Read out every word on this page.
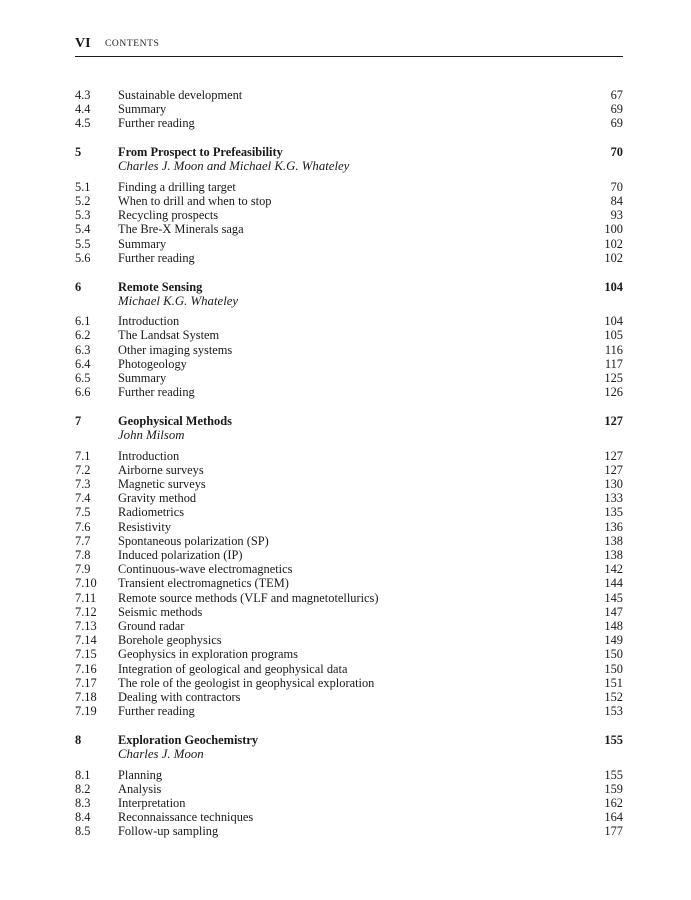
VI CONTENTS
4.3 Sustainable development	67
4.4 Summary	69
4.5 Further reading	69
5	From Prospect to Prefeasibility	70
Charles J. Moon and Michael K.G. Whateley
5.1 Finding a drilling target	70
5.2 When to drill and when to stop	84
5.3 Recycling prospects	93
5.4 The Bre-X Minerals saga	100
5.5 Summary	102
5.6 Further reading	102
6	Remote Sensing	104
Michael K.G. Whateley
6.1 Introduction	104
6.2 The Landsat System	105
6.3 Other imaging systems	116
6.4 Photogeology	117
6.5 Summary	125
6.6 Further reading	126
7	Geophysical Methods	127
John Milsom
7.1 Introduction	127
7.2 Airborne surveys	127
7.3 Magnetic surveys	130
7.4 Gravity method	133
7.5 Radiometrics	135
7.6 Resistivity	136
7.7 Spontaneous polarization (SP)	138
7.8 Induced polarization (IP)	138
7.9 Continuous-wave electromagnetics	142
7.10 Transient electromagnetics (TEM)	144
7.11 Remote source methods (VLF and magnetotellurics)	145
7.12 Seismic methods	147
7.13 Ground radar	148
7.14 Borehole geophysics	149
7.15 Geophysics in exploration programs	150
7.16 Integration of geological and geophysical data	150
7.17 The role of the geologist in geophysical exploration	151
7.18 Dealing with contractors	152
7.19 Further reading	153
8	Exploration Geochemistry	155
Charles J. Moon
8.1 Planning	155
8.2 Analysis	159
8.3 Interpretation	162
8.4 Reconnaissance techniques	164
8.5 Follow-up sampling	177
